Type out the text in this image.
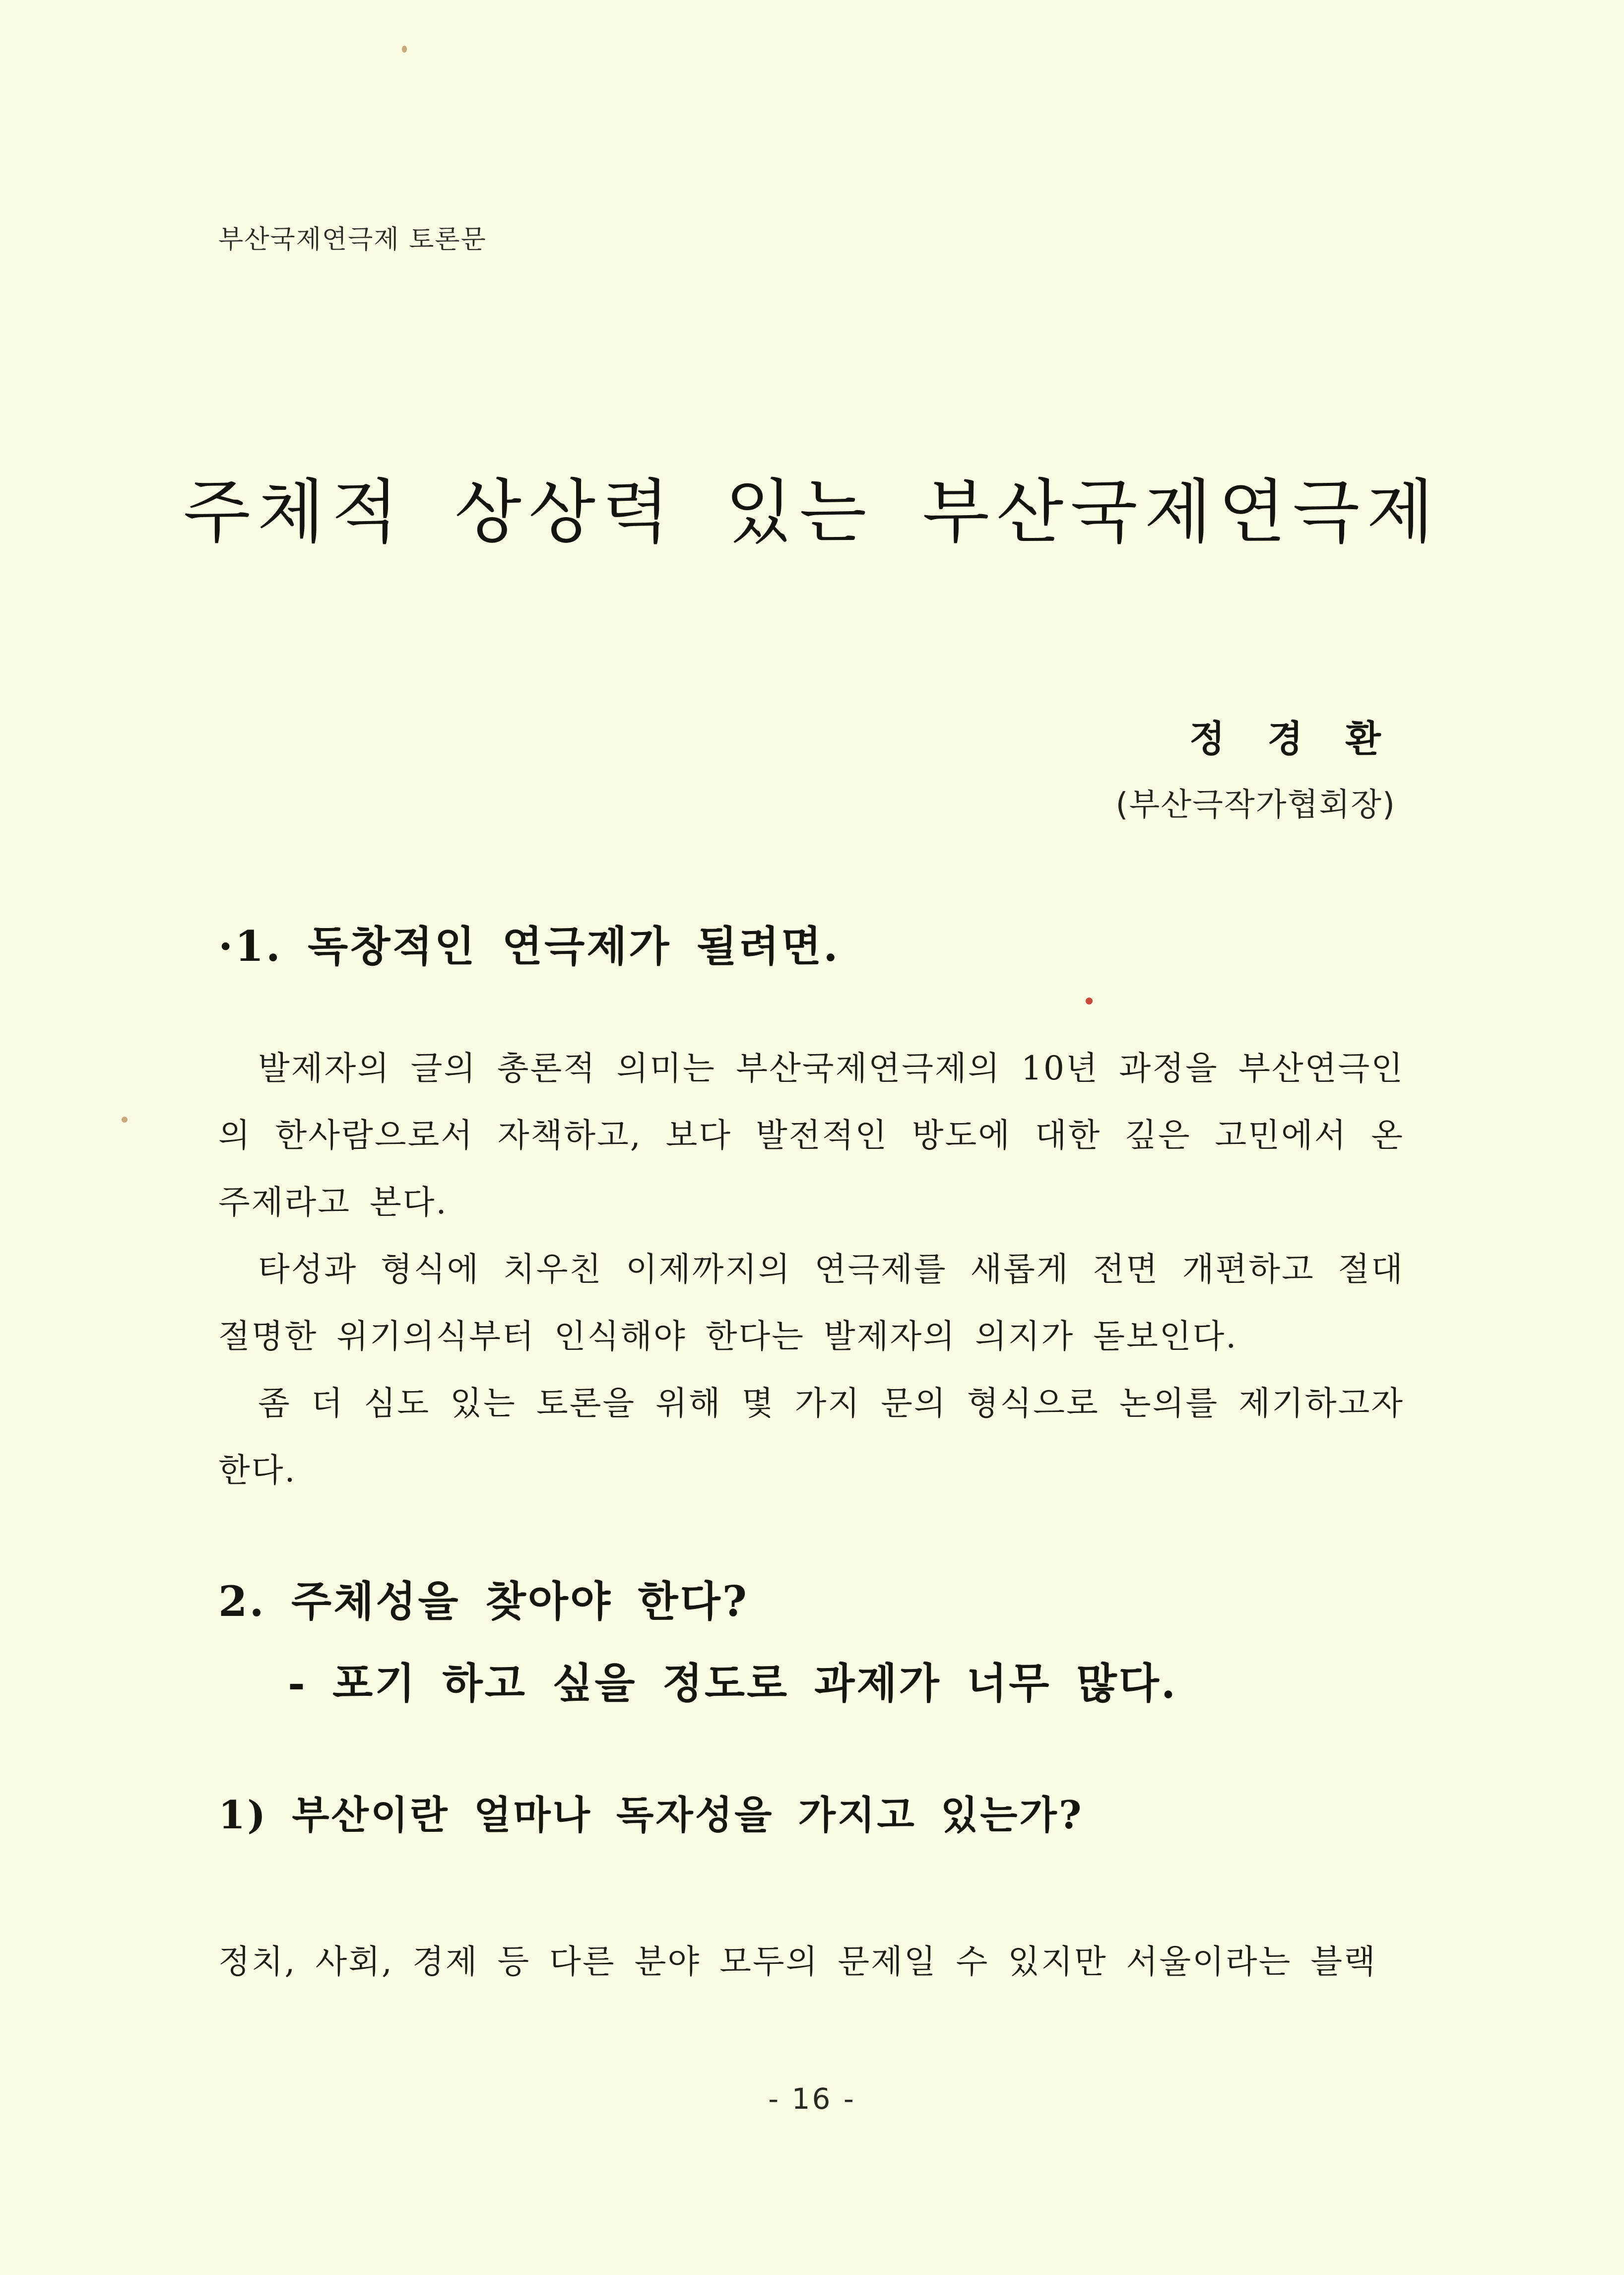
부산국제연극제 토론문
주체적 상상력 있는 부산국제연극제
정 경 환
(부산극작가협회장)
·1. 독창적인 연극제가 될려면.

발제자의 글의 총론적 의미는 부산국제연극제의 10년 과정을 부산연극인의 한사람으로서 자책하고, 보다 발전적인 방도에 대한 깊은 고민에서 온 주제라고 본다.

타성과 형식에 치우친 이제까지의 연극제를 새롭게 전면 개편하고 절대 절명한 위기의식부터 인식해야 한다는 발제자의 의지가 돋보인다.

좀 더 심도 있는 토론을 위해 몇 가지 문의 형식으로 논의를 제기하고자 한다.

2. 주체성을 찾아야 한다?
- 포기 하고 싶을 정도로 과제가 너무 많다.
1) 부산이란 얼마나 독자성을 가지고 있는가?

정치, 사회, 경제 등 다른 분야 모두의 문제일 수 있지만 서울이라는 블랙

- 16 -
